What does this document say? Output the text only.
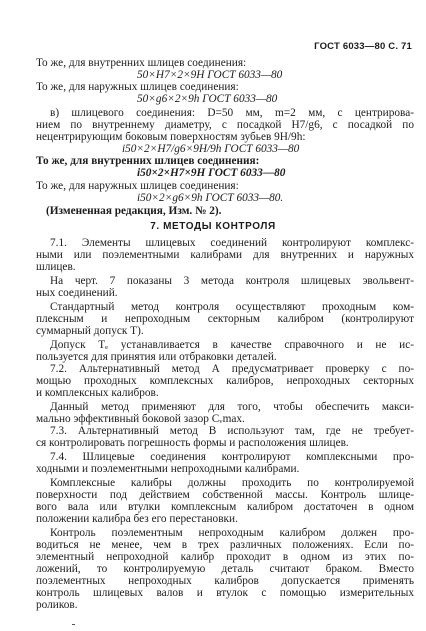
ГОСТ 6033—80 С. 71
То же, для внутренних шлицев соединения:
50×H7×2×9H ГОСТ 6033—80
То же, для наружных шлицев соединения:
50×g6×2×9h ГОСТ 6033—80
в) шлицевого соединения: D=50 мм, m=2 мм, с центрирова-
нием по внутреннему диаметру, с посадкой H7/g6, с посадкой по
нецентрирующим боковым поверхностям зубьев 9H/9h:
i50×2×H7/g6×9H/9h ГОСТ 6033—80
То же, для внутренних шлицев соединения:
i50×2×H7×9H ГОСТ 6033—80
То же, для наружных шлицев соединения:
i50×2×g6×9h ГОСТ 6033—80.
(Измененная редакция, Изм. № 2).
7. МЕТОДЫ КОНТРОЛЯ
7.1. Элементы шлицевых соединений контролируют комплекс-
ными или поэлементными калибрами для внутренних и наружных
шлицев.
На черт. 7 показаны 3 метода контроля шлицевых эвольвент-
ных соединений.
Стандартный метод контроля осуществляют проходным ком-
плексным и непроходным секторным калибром (контролируют
суммарный допуск T).
Допуск Tₑ устанавливается в качестве справочного и не ис-
пользуется для принятия или отбраковки деталей.
7.2. Альтернативный метод А предусматривает проверку с по-
мощью проходных комплексных калибров, непроходных секторных
и комплексных калибров.
Данный метод применяют для того, чтобы обеспечить макси-
мально эффективный боковой зазор Cᵥmax.
7.3. Альтернативный метод B используют там, где не требует-
ся контролировать погрешность формы и расположения шлицев.
7.4. Шлицевые соединения контролируют комплексными про-
ходными и поэлементными непроходными калибрами.
Комплексные калибры должны проходить по контролируемой
поверхности под действием собственной массы. Контроль шлице-
вого вала или втулки комплексным калибром достаточен в одном
положении калибра без его перестановки.
Контроль поэлементным непроходным калибром должен про-
водиться не менее, чем в трех различных положениях. Если по-
элементный непроходной калибр проходит в одном из этих по-
ложений, то контролируемую деталь считают браком. Вместо
поэлементных непроходных калибров допускается применять
контроль шлицевых валов и втулок с помощью измерительных
роликов.
